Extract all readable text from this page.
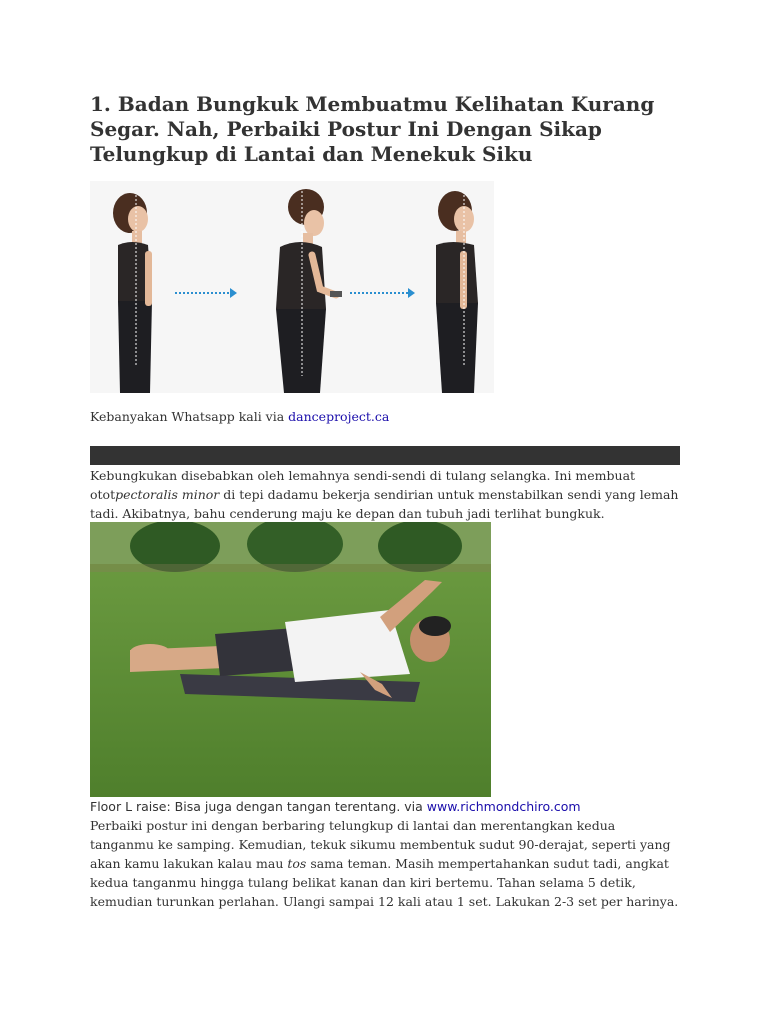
1. Badan Bungkuk Membuatmu Kelihatan Kurang Segar. Nah, Perbaiki Postur Ini Dengan Sikap Telungkup di Lantai dan Menekuk Siku
Kebanyakan Whatsapp kali via danceproject.ca

Kebungkukan disebabkan oleh lemahnya sendi-sendi di tulang selangka. Ini membuat ototpectoralis minor di tepi dadamu bekerja sendirian untuk menstabilkan sendi yang lemah tadi. Akibatnya, bahu cenderung maju ke depan dan tubuh jadi terlihat bungkuk.

Floor L raise: Bisa juga dengan tangan terentang. via www.richmondchiro.com

Perbaiki postur ini dengan berbaring telungkup di lantai dan merentangkan kedua tanganmu ke samping. Kemudian, tekuk sikumu membentuk sudut 90-derajat, seperti yang akan kamu lakukan kalau mau tos sama teman. Masih mempertahankan sudut tadi, angkat kedua tanganmu hingga tulang belikat kanan dan kiri bertemu. Tahan selama 5 detik, kemudian turunkan perlahan. Ulangi sampai 12 kali atau 1 set. Lakukan 2-3 set per harinya.
